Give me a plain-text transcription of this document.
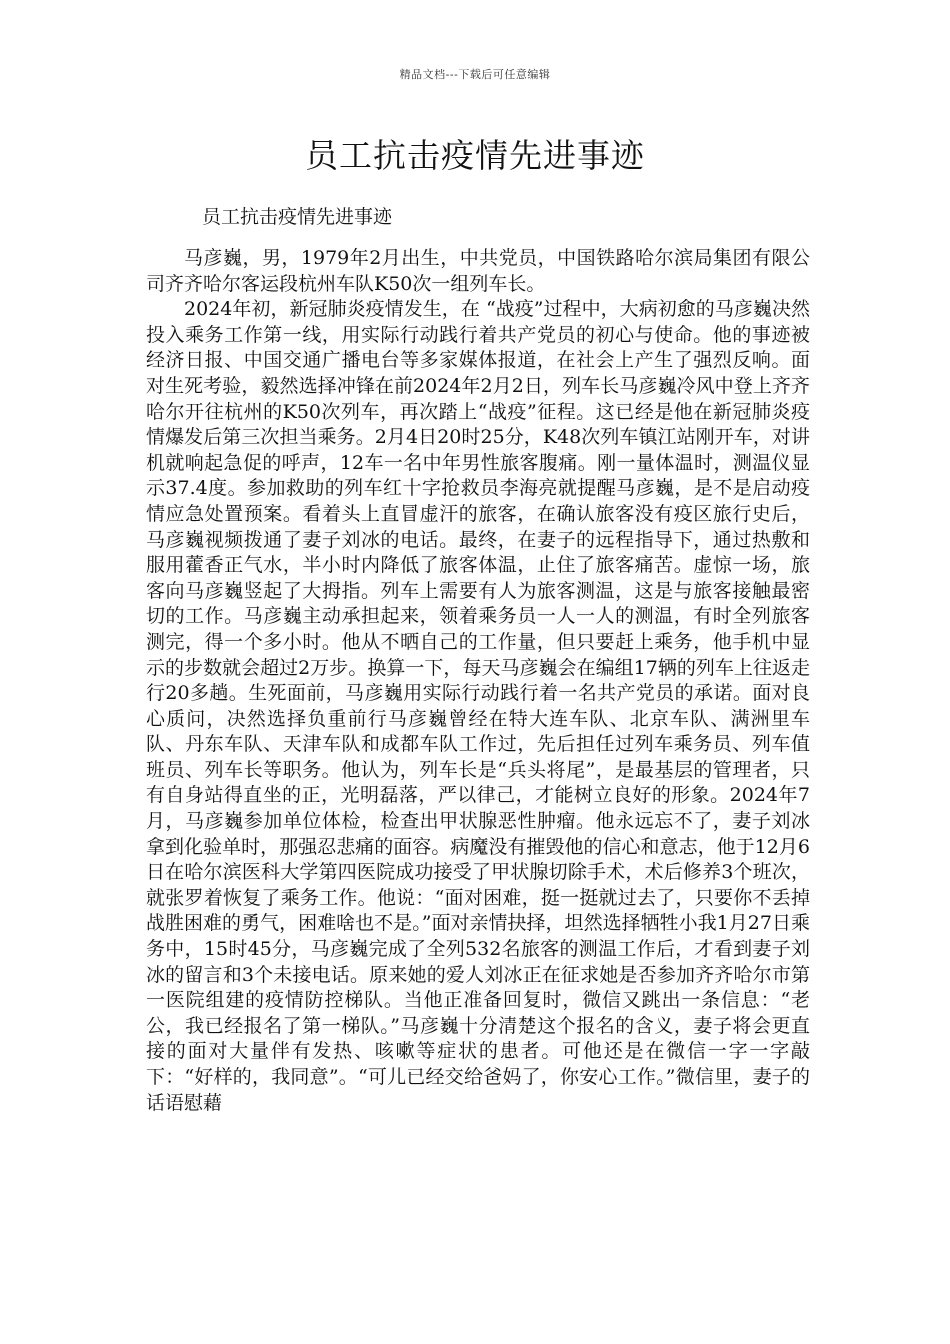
精品文档---下载后可任意编辑
员工抗击疫情先进事迹

员工抗击疫情先进事迹

马彦巍，男，1979年2月出生，中共党员，中国铁路哈尔滨局集团有限公司齐齐哈尔客运段杭州车队K50次一组列车长。

2024年初，新冠肺炎疫情发生，在 “战疫”过程中，大病初愈的马彦巍决然投入乘务工作第一线，用实际行动践行着共产党员的初心与使命。他的事迹被经济日报、中国交通广播电台等多家媒体报道，在社会上产生了强烈反响。面对生死考验，毅然选择冲锋在前2024年2月2日，列车长马彦巍冷风中登上齐齐哈尔开往杭州的K50次列车，再次踏上“战疫”征程。这已经是他在新冠肺炎疫情爆发后第三次担当乘务。2月4日20时25分，K48次列车镇江站刚开车，对讲机就响起急促的呼声，12车一名中年男性旅客腹痛。刚一量体温时，测温仪显示37.4度。参加救助的列车红十字抢救员李海亮就提醒马彦巍，是不是启动疫情应急处置预案。看着头上直冒虚汗的旅客，在确认旅客没有疫区旅行史后，马彦巍视频拨通了妻子刘冰的电话。最终，在妻子的远程指导下，通过热敷和服用藿香正气水，半小时内降低了旅客体温，止住了旅客痛苦。虚惊一场，旅客向马彦巍竖起了大拇指。列车上需要有人为旅客测温，这是与旅客接触最密切的工作。马彦巍主动承担起来，领着乘务员一人一人的测温，有时全列旅客测完，得一个多小时。他从不晒自己的工作量，但只要赶上乘务，他手机中显示的步数就会超过2万步。换算一下，每天马彦巍会在编组17辆的列车上往返走行20多趟。生死面前，马彦巍用实际行动践行着一名共产党员的承诺。面对良心质问，决然选择负重前行马彦巍曾经在特大连车队、北京车队、满洲里车队、丹东车队、天津车队和成都车队工作过，先后担任过列车乘务员、列车值班员、列车长等职务。他认为，列车长是“兵头将尾”，是最基层的管理者，只有自身站得直坐的正，光明磊落，严以律己，才能树立良好的形象。2024年7月，马彦巍参加单位体检，检查出甲状腺恶性肿瘤。他永远忘不了，妻子刘冰拿到化验单时，那强忍悲痛的面容。病魔没有摧毁他的信心和意志，他于12月6日在哈尔滨医科大学第四医院成功接受了甲状腺切除手术，术后修养3个班次，就张罗着恢复了乘务工作。他说：“面对困难，挺一挺就过去了，只要你不丢掉战胜困难的勇气，困难啥也不是。”面对亲情抉择，坦然选择牺牲小我1月27日乘务中，15时45分，马彦巍完成了全列532名旅客的测温工作后，才看到妻子刘冰的留言和3个未接电话。原来她的爱人刘冰正在征求她是否参加齐齐哈尔市第一医院组建的疫情防控梯队。当他正准备回复时，微信又跳出一条信息：“老公，我已经报名了第一梯队。”马彦巍十分清楚这个报名的含义，妻子将会更直接的面对大量伴有发热、咳嗽等症状的患者。可他还是在微信一字一字敲下：“好样的，我同意”。“可儿已经交给爸妈了，你安心工作。”微信里，妻子的话语慰藉
